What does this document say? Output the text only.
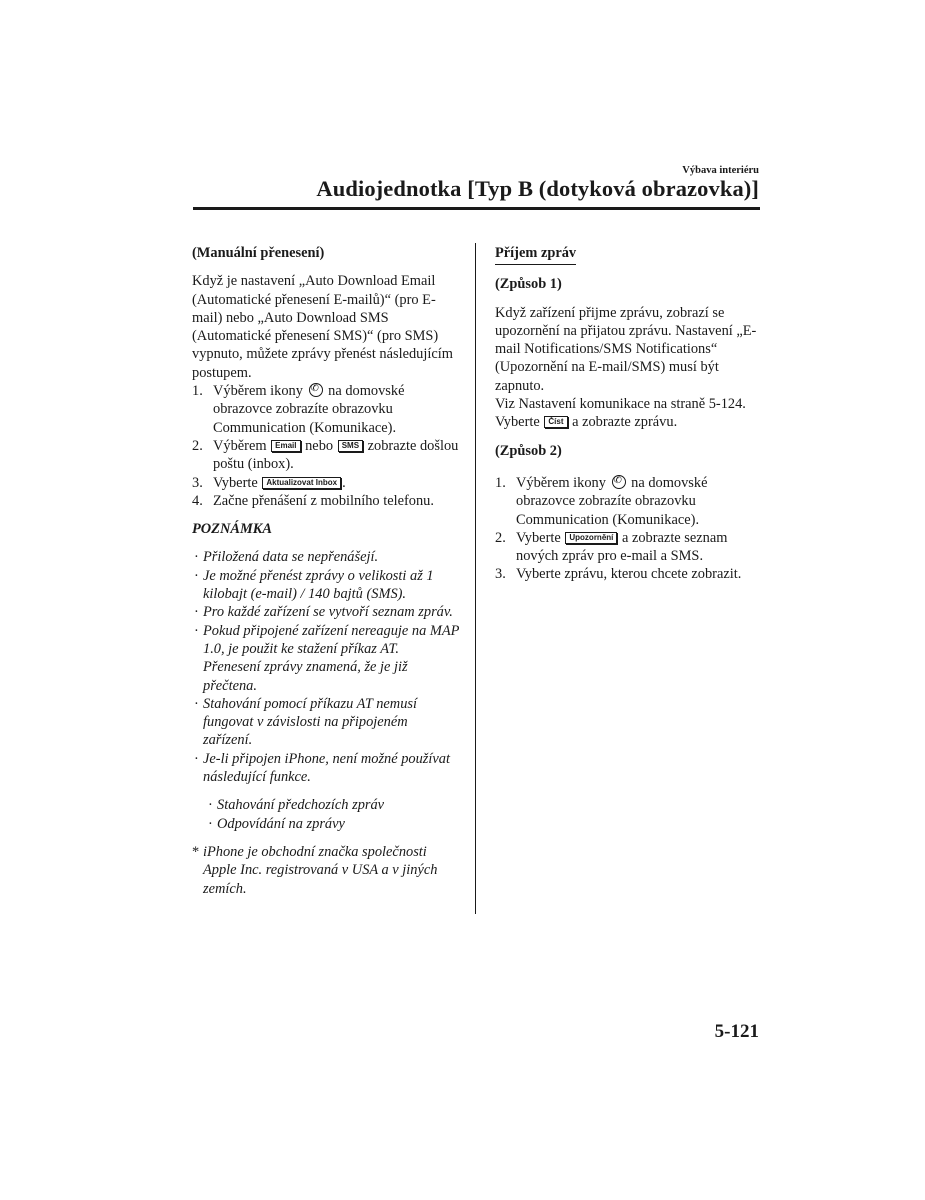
Výbava interiéru
Audiojednotka [Typ B (dotyková obrazovka)]

(Manuální přenesení)

Když je nastavení „Auto Download Email (Automatické přenesení E-mailů)“ (pro E-mail) nebo „Auto Download SMS (Automatické přenesení SMS)“ (pro SMS) vypnuto, můžete zprávy přenést následujícím postupem.

1. Výběrem ikony ✆ na domovské obrazovce zobrazíte obrazovku Communication (Komunikace).
2. Výběrem Email nebo SMS zobrazte došlou poštu (inbox).
3. Vyberte Aktualizovat Inbox .
4. Začne přenášení z mobilního telefonu.

POZNÁMKA

· Přiložená data se nepřenášejí.
· Je možné přenést zprávy o velikosti až 1 kilobajt (e-mail) / 140 bajtů (SMS).
· Pro každé zařízení se vytvoří seznam zpráv.
· Pokud připojené zařízení nereaguje na MAP 1.0, je použit ke stažení příkaz AT. Přenesení zprávy znamená, že je již přečtena.
· Stahování pomocí příkazu AT nemusí fungovat v závislosti na připojeném zařízení.
· Je-li připojen iPhone, není možné používat následující funkce.
· Stahování předchozích zpráv
· Odpovídání na zprávy
* iPhone je obchodní značka společnosti Apple Inc. registrovaná v USA a v jiných zemích.

Příjem zpráv

(Způsob 1)

Když zařízení přijme zprávu, zobrazí se upozornění na přijatou zprávu. Nastavení „E-mail Notifications/SMS Notifications“ (Upozornění na E-mail/SMS) musí být zapnuto.

Viz Nastavení komunikace na straně 5-124.

Vyberte Číst a zobrazte zprávu.

(Způsob 2)

1. Výběrem ikony ✆ na domovské obrazovce zobrazíte obrazovku Communication (Komunikace).
2. Vyberte Upozornění a zobrazte seznam nových zpráv pro e-mail a SMS.
3. Vyberte zprávu, kterou chcete zobrazit.
5-121
